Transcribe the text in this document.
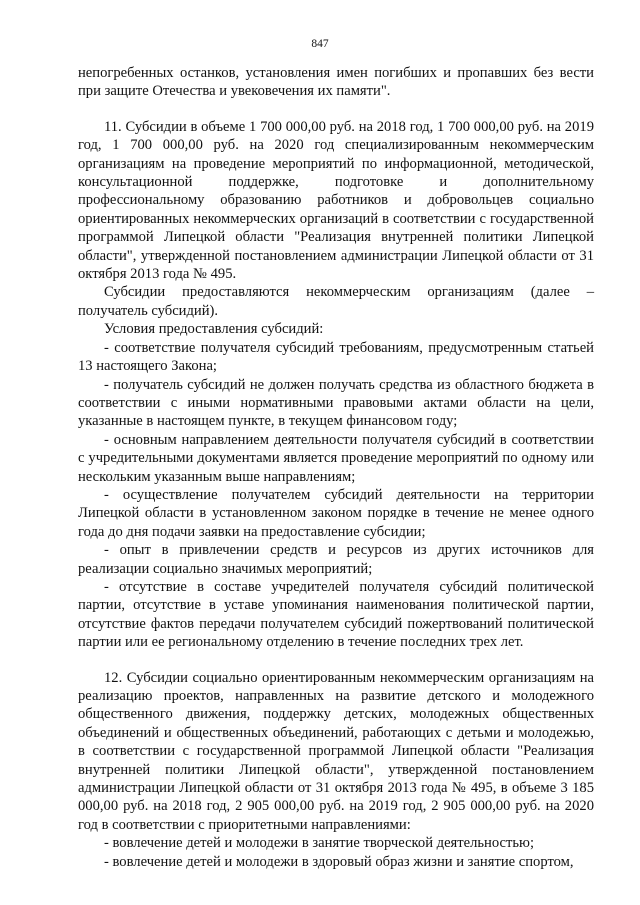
847

непогребенных останков, установления имен погибших и пропавших без вести при защите Отечества и увековечения их памяти".

11. Субсидии в объеме 1 700 000,00 руб. на 2018 год, 1 700 000,00 руб. на 2019 год, 1 700 000,00 руб. на 2020 год специализированным некоммерческим организациям на проведение мероприятий по информационной, методической, консультационной поддержке, подготовке и дополнительному профессиональному образованию работников и добровольцев социально ориентированных некоммерческих организаций в соответствии с государственной программой Липецкой области "Реализация внутренней политики Липецкой области", утвержденной постановлением администрации Липецкой области от 31 октября 2013 года № 495.

Субсидии предоставляются некоммерческим организациям (далее – получатель субсидий).

Условия предоставления субсидий:

- соответствие получателя субсидий требованиям, предусмотренным статьей 13 настоящего Закона;

- получатель субсидий не должен получать средства из областного бюджета в соответствии с иными нормативными правовыми актами области на цели, указанные в настоящем пункте, в текущем финансовом году;

- основным направлением деятельности получателя субсидий в соответствии с учредительными документами является проведение мероприятий по одному или нескольким указанным выше направлениям;

- осуществление получателем субсидий деятельности на территории Липецкой области в установленном законом порядке в течение не менее одного года до дня подачи заявки на предоставление субсидии;

- опыт в привлечении средств и ресурсов из других источников для реализации социально значимых мероприятий;

- отсутствие в составе учредителей получателя субсидий политической партии, отсутствие в уставе упоминания наименования политической партии, отсутствие фактов передачи получателем субсидий пожертвований политической партии или ее региональному отделению в течение последних трех лет.

12. Субсидии социально ориентированным некоммерческим организациям на реализацию проектов, направленных на развитие детского и молодежного общественного движения, поддержку детских, молодежных общественных объединений и общественных объединений, работающих с детьми и молодежью, в соответствии с государственной программой Липецкой области "Реализация внутренней политики Липецкой области", утвержденной постановлением администрации Липецкой области от 31 октября 2013 года № 495, в объеме 3 185 000,00 руб. на 2018 год, 2 905 000,00 руб. на 2019 год, 2 905 000,00 руб. на 2020 год в соответствии с приоритетными направлениями:

- вовлечение детей и молодежи в занятие творческой деятельностью;

- вовлечение детей и молодежи в здоровый образ жизни и занятие спортом,
